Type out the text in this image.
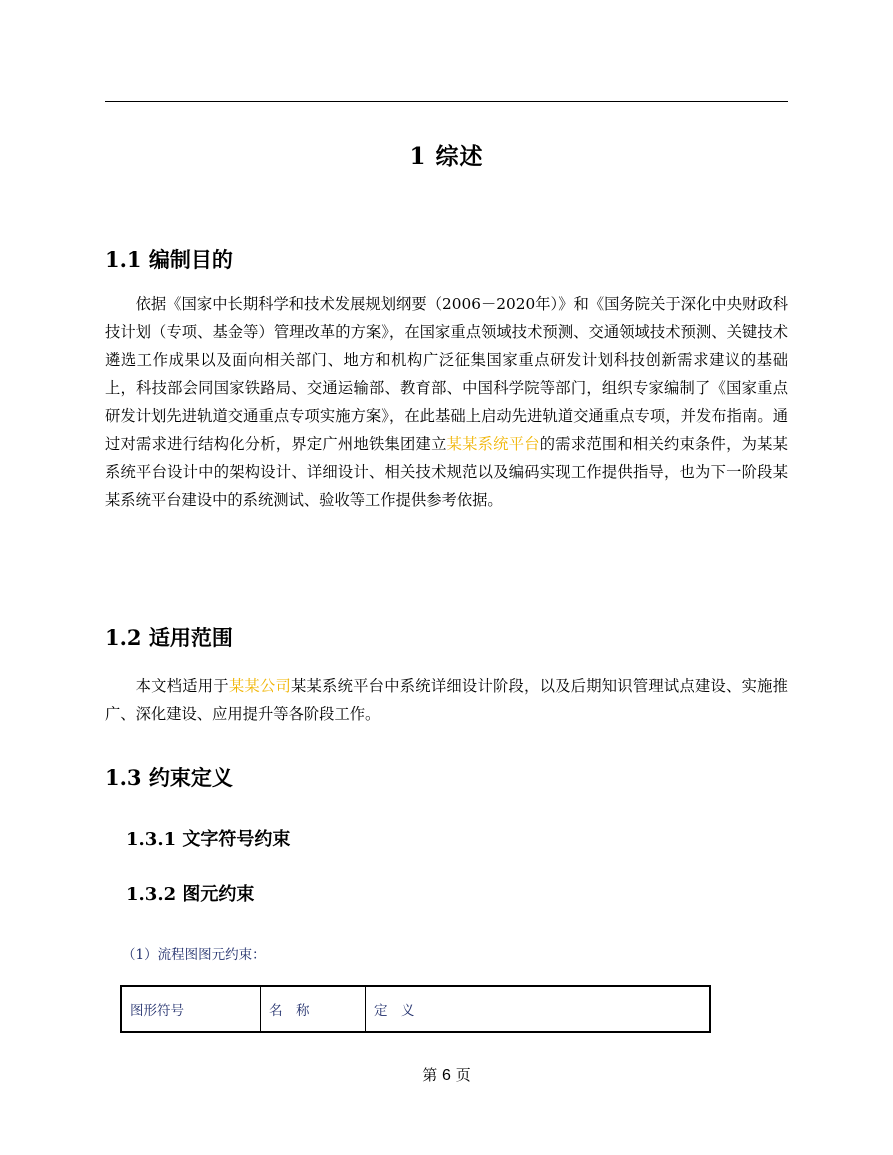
1 综述
1.1 编制目的

依据《国家中长期科学和技术发展规划纲要（2006－2020年）》和《国务院关于深化中央财政科技计划（专项、基金等）管理改革的方案》，在国家重点领域技术预测、交通领域技术预测、关键技术遴选工作成果以及面向相关部门、地方和机构广泛征集国家重点研发计划科技创新需求建议的基础上，科技部会同国家铁路局、交通运输部、教育部、中国科学院等部门，组织专家编制了《国家重点研发计划先进轨道交通重点专项实施方案》，在此基础上启动先进轨道交通重点专项，并发布指南。通过对需求进行结构化分析，界定广州地铁集团建立某某系统平台的需求范围和相关约束条件，为某某系统平台设计中的架构设计、详细设计、相关技术规范以及编码实现工作提供指导，也为下一阶段某某系统平台建设中的系统测试、验收等工作提供参考依据。

1.2 适用范围

本文档适用于某某公司某某系统平台中系统详细设计阶段，以及后期知识管理试点建设、实施推广、深化建设、应用提升等各阶段工作。

1.3 约束定义
1.3.1 文字符号约束
1.3.2 图元约束
（1）流程图图元约束：
图形符号	名　称	定　义
第 6 页
